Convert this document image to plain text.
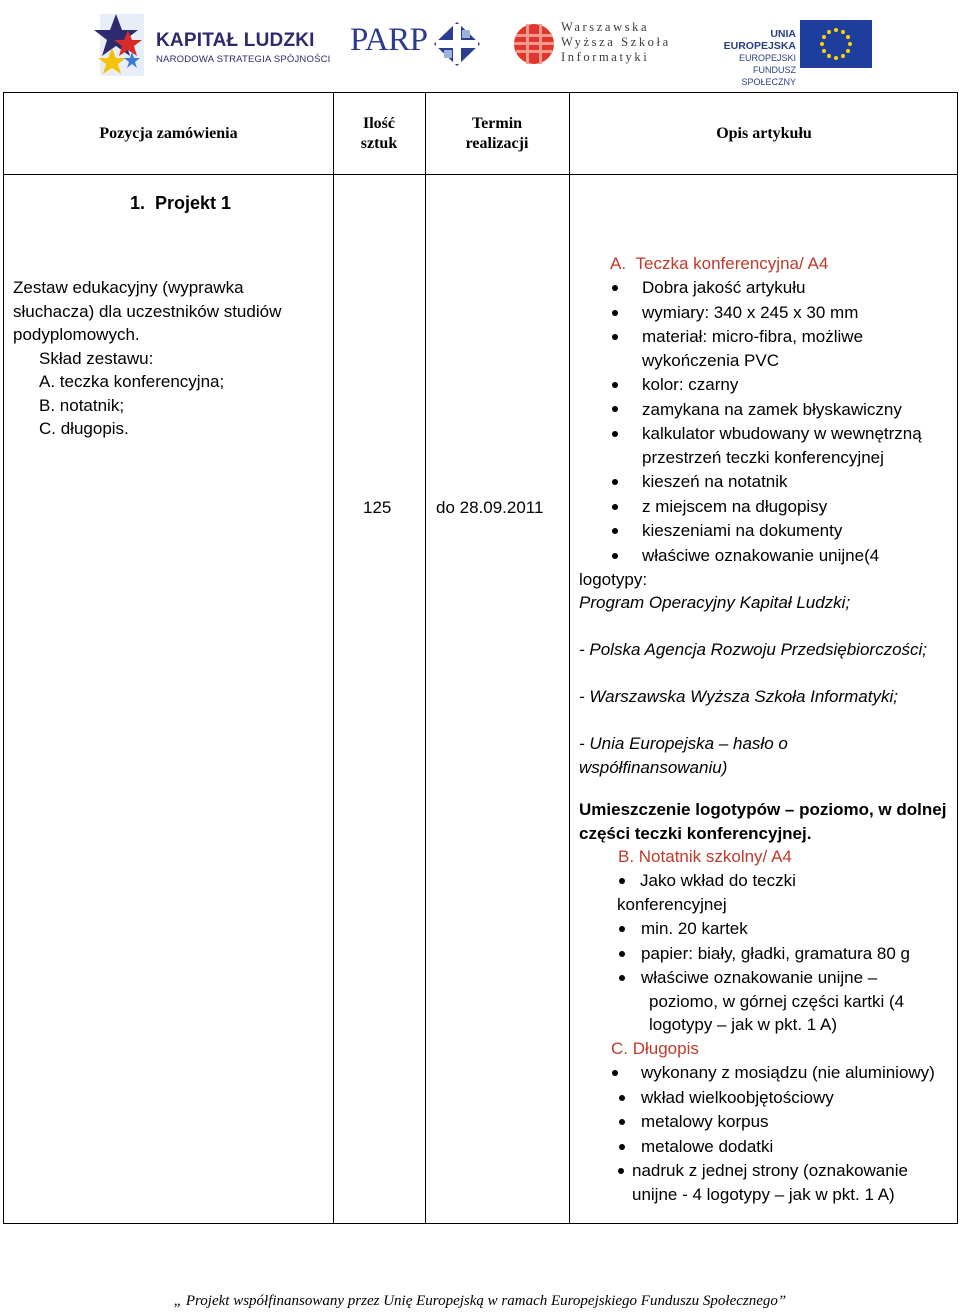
KAPITAŁ LUDZKI
NARODOWA STRATEGIA SPÓJNOŚCI
PARP	Warszawska
Wyższa Szkoła
Informatyki
UNIA EUROPEJSKA
EUROPEJSKI
FUNDUSZ SPOŁECZNY
Pozycja zamówienia
Ilość
sztuk
Termin
realizacji
Opis artykułu
1.  Projekt 1
Zestaw edukacyjny (wyprawka
słuchacza) dla uczestników studiów
podyplomowych.
Skład zestawu:
A. teczka konferencyjna;
B. notatnik;
C. długopis.
125	do 28.09.2011
A.  Teczka konferencyjna/ A4
Dobra jakość artykułu
wymiary: 340 x 245 x 30 mm
materiał: micro-fibra, możliwe
wykończenia PVC
kolor: czarny
zamykana na zamek błyskawiczny
kalkulator wbudowany w wewnętrzną
przestrzeń teczki konferencyjnej
kieszeń na notatnik
z miejscem na długopisy
kieszeniami na dokumenty
właściwe oznakowanie unijne(4
logotypy:
Program Operacyjny Kapitał Ludzki;
- Polska Agencja Rozwoju Przedsiębiorczości;
- Warszawska Wyższa Szkoła Informatyki;
- Unia Europejska – hasło o
współfinansowaniu)
Umieszczenie logotypów – poziomo, w dolnej
części teczki konferencyjnej.
B. Notatnik szkolny/ A4
Jako wkład do teczki
konferencyjnej
min. 20 kartek
papier: biały, gładki, gramatura 80 g
właściwe oznakowanie unijne –
poziomo, w górnej części kartki (4
logotypy – jak w pkt. 1 A)
C. Długopis
wykonany z mosiądzu (nie aluminiowy)
wkład wielkoobjętościowy
metalowy korpus
metalowe dodatki
nadruk z jednej strony (oznakowanie
unijne - 4 logotypy – jak w pkt. 1 A)
„ Projekt współfinansowany przez Unię Europejską w ramach Europejskiego Funduszu Społecznego”
